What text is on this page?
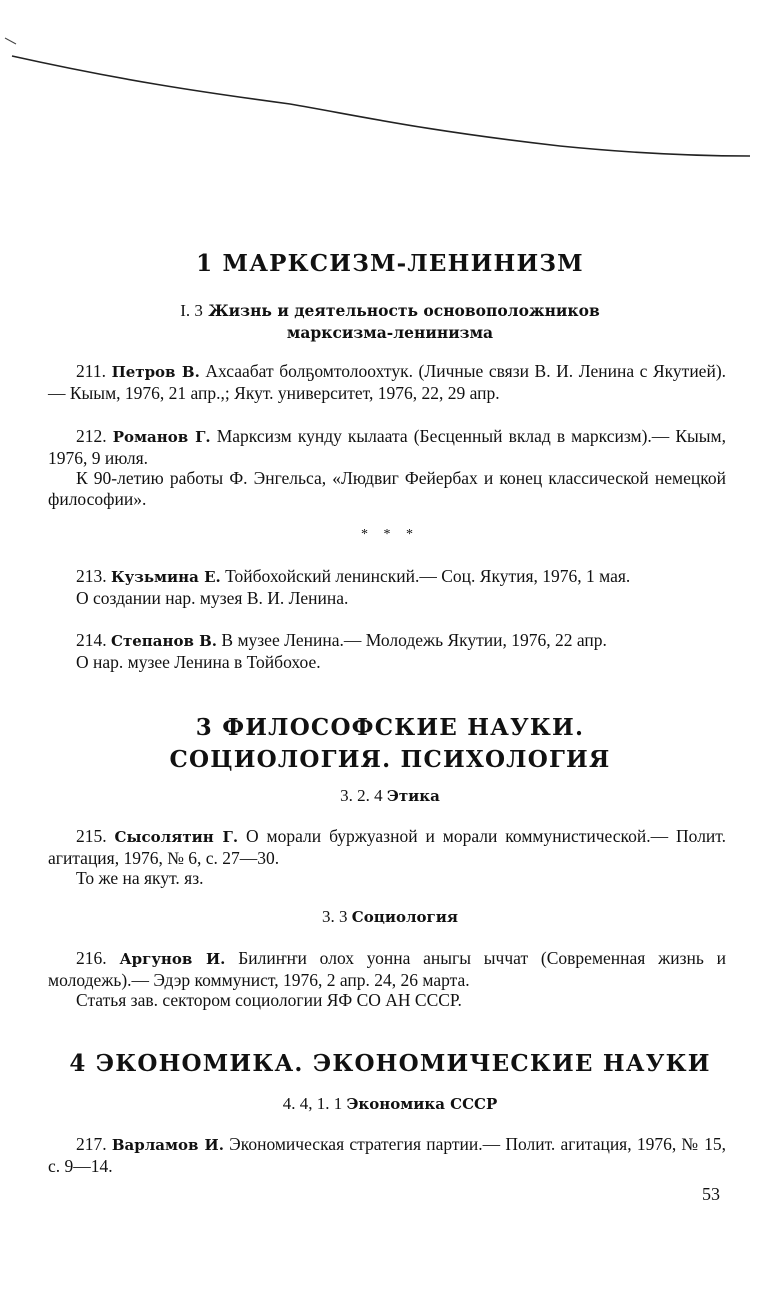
1 МАРКСИЗМ-ЛЕНИНИЗМ
I. 3 Жизнь и деятельность основоположников
марксизма-ленинизма

211. Петров В. Ахсаабат болҕомтолоохтук. (Личные связи В. И. Ленина с Якутией).— Кыым, 1976, 21 апр.,; Якут. университет, 1976, 22, 29 апр.

212. Романов Г. Марксизм кунду кылаата (Бесценный вклад в марксизм).— Кыым, 1976, 9 июля.

К 90-летию работы Ф. Энгельса, «Людвиг Фейербах и конец классической немецкой философии».

* * *

213. Кузьмина Е. Тойбохойский ленинский.— Соц. Якутия, 1976, 1 мая.

О создании нар. музея В. И. Ленина.

214. Степанов В. В музее Ленина.— Молодежь Якутии, 1976, 22 апр.

О нар. музее Ленина в Тойбохое.

3 ФИЛОСОФСКИЕ НАУКИ.
СОЦИОЛОГИЯ. ПСИХОЛОГИЯ
3. 2. 4 Этика

215. Сысолятин Г. О морали буржуазной и морали коммунистической.— Полит. агитация, 1976, № 6, с. 27—30.

То же на якут. яз.

3. 3 Социология

216. Аргунов И. Билиҥҥи олох уонна аныгы ыччат (Современная жизнь и молодежь).— Эдэр коммунист, 1976, 2 апр. 24, 26 марта.

Статья зав. сектором социологии ЯФ СО АН СССР.

4 ЭКОНОМИКА. ЭКОНОМИЧЕСКИЕ НАУКИ
4. 4, 1. 1 Экономика СССР

217. Варламов И. Экономическая стратегия партии.— Полит. агитация, 1976, № 15, с. 9—14.

53
